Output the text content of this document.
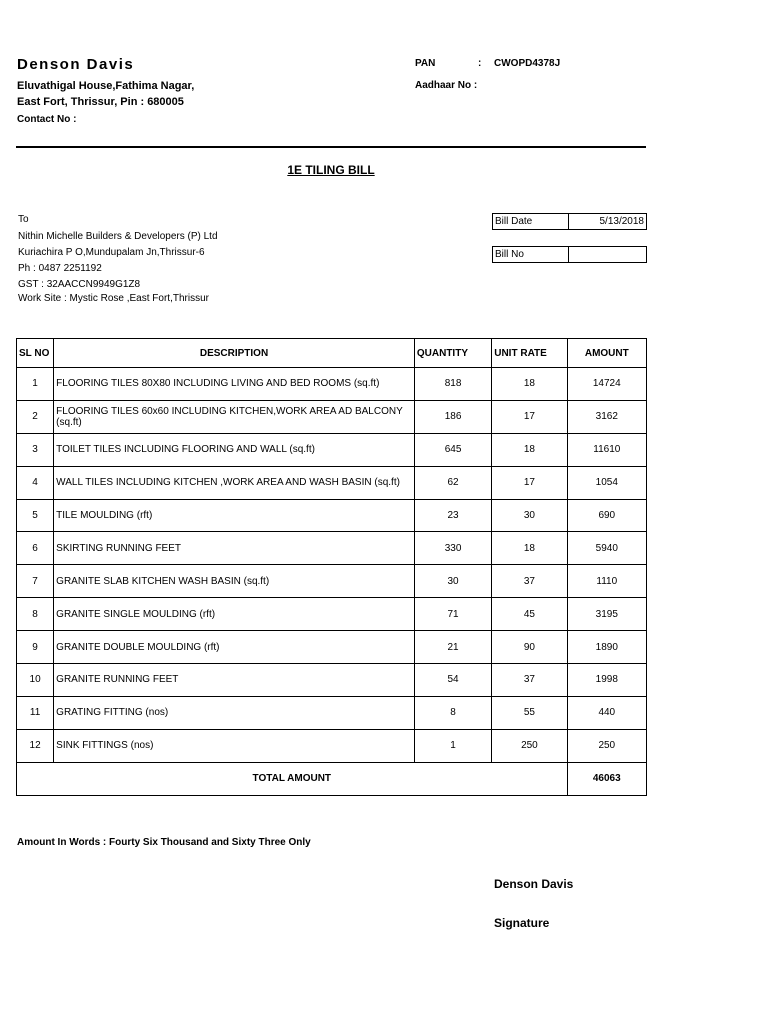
Denson Davis
Eluvathigal House,Fathima Nagar,
East Fort, Thrissur, Pin : 680005
Contact No :
PAN	: CWOPD4378J
Aadhaar No :
1E TILING BILL
To
Nithin Michelle Builders & Developers (P) Ltd
Kuriachira P O,Mundupalam Jn,Thrissur-6
Ph : 0487 2251192
GST : 32AACCN9949G1Z8
Work Site : Mystic Rose ,East Fort,Thrissur
Bill Date	5/13/2018
Bill No
SL NO	DESCRIPTION	QUANTITY	UNIT RATE	AMOUNT
1	FLOORING TILES 80X80 INCLUDING LIVING AND BED ROOMS (sq.ft)	818	18	14724
2	FLOORING TILES 60x60 INCLUDING KITCHEN,WORK AREA AD BALCONY (sq.ft)	186	17	3162
3	TOILET TILES INCLUDING FLOORING AND WALL (sq.ft)	645	18	11610
4	WALL TILES INCLUDING KITCHEN ,WORK AREA AND WASH BASIN (sq.ft)	62	17	1054
5	TILE MOULDING (rft)	23	30	690
6	SKIRTING RUNNING FEET	330	18	5940
7	GRANITE SLAB KITCHEN WASH BASIN (sq.ft)	30	37	1110
8	GRANITE SINGLE MOULDING (rft)	71	45	3195
9	GRANITE DOUBLE MOULDING (rft)	21	90	1890
10	GRANITE RUNNING FEET	54	37	1998
11	GRATING FITTING (nos)	8	55	440
12	SINK FITTINGS (nos)	1	250	250
TOTAL AMOUNT				46063
Amount In Words : Fourty Six Thousand and Sixty Three Only
Denson Davis
Signature
